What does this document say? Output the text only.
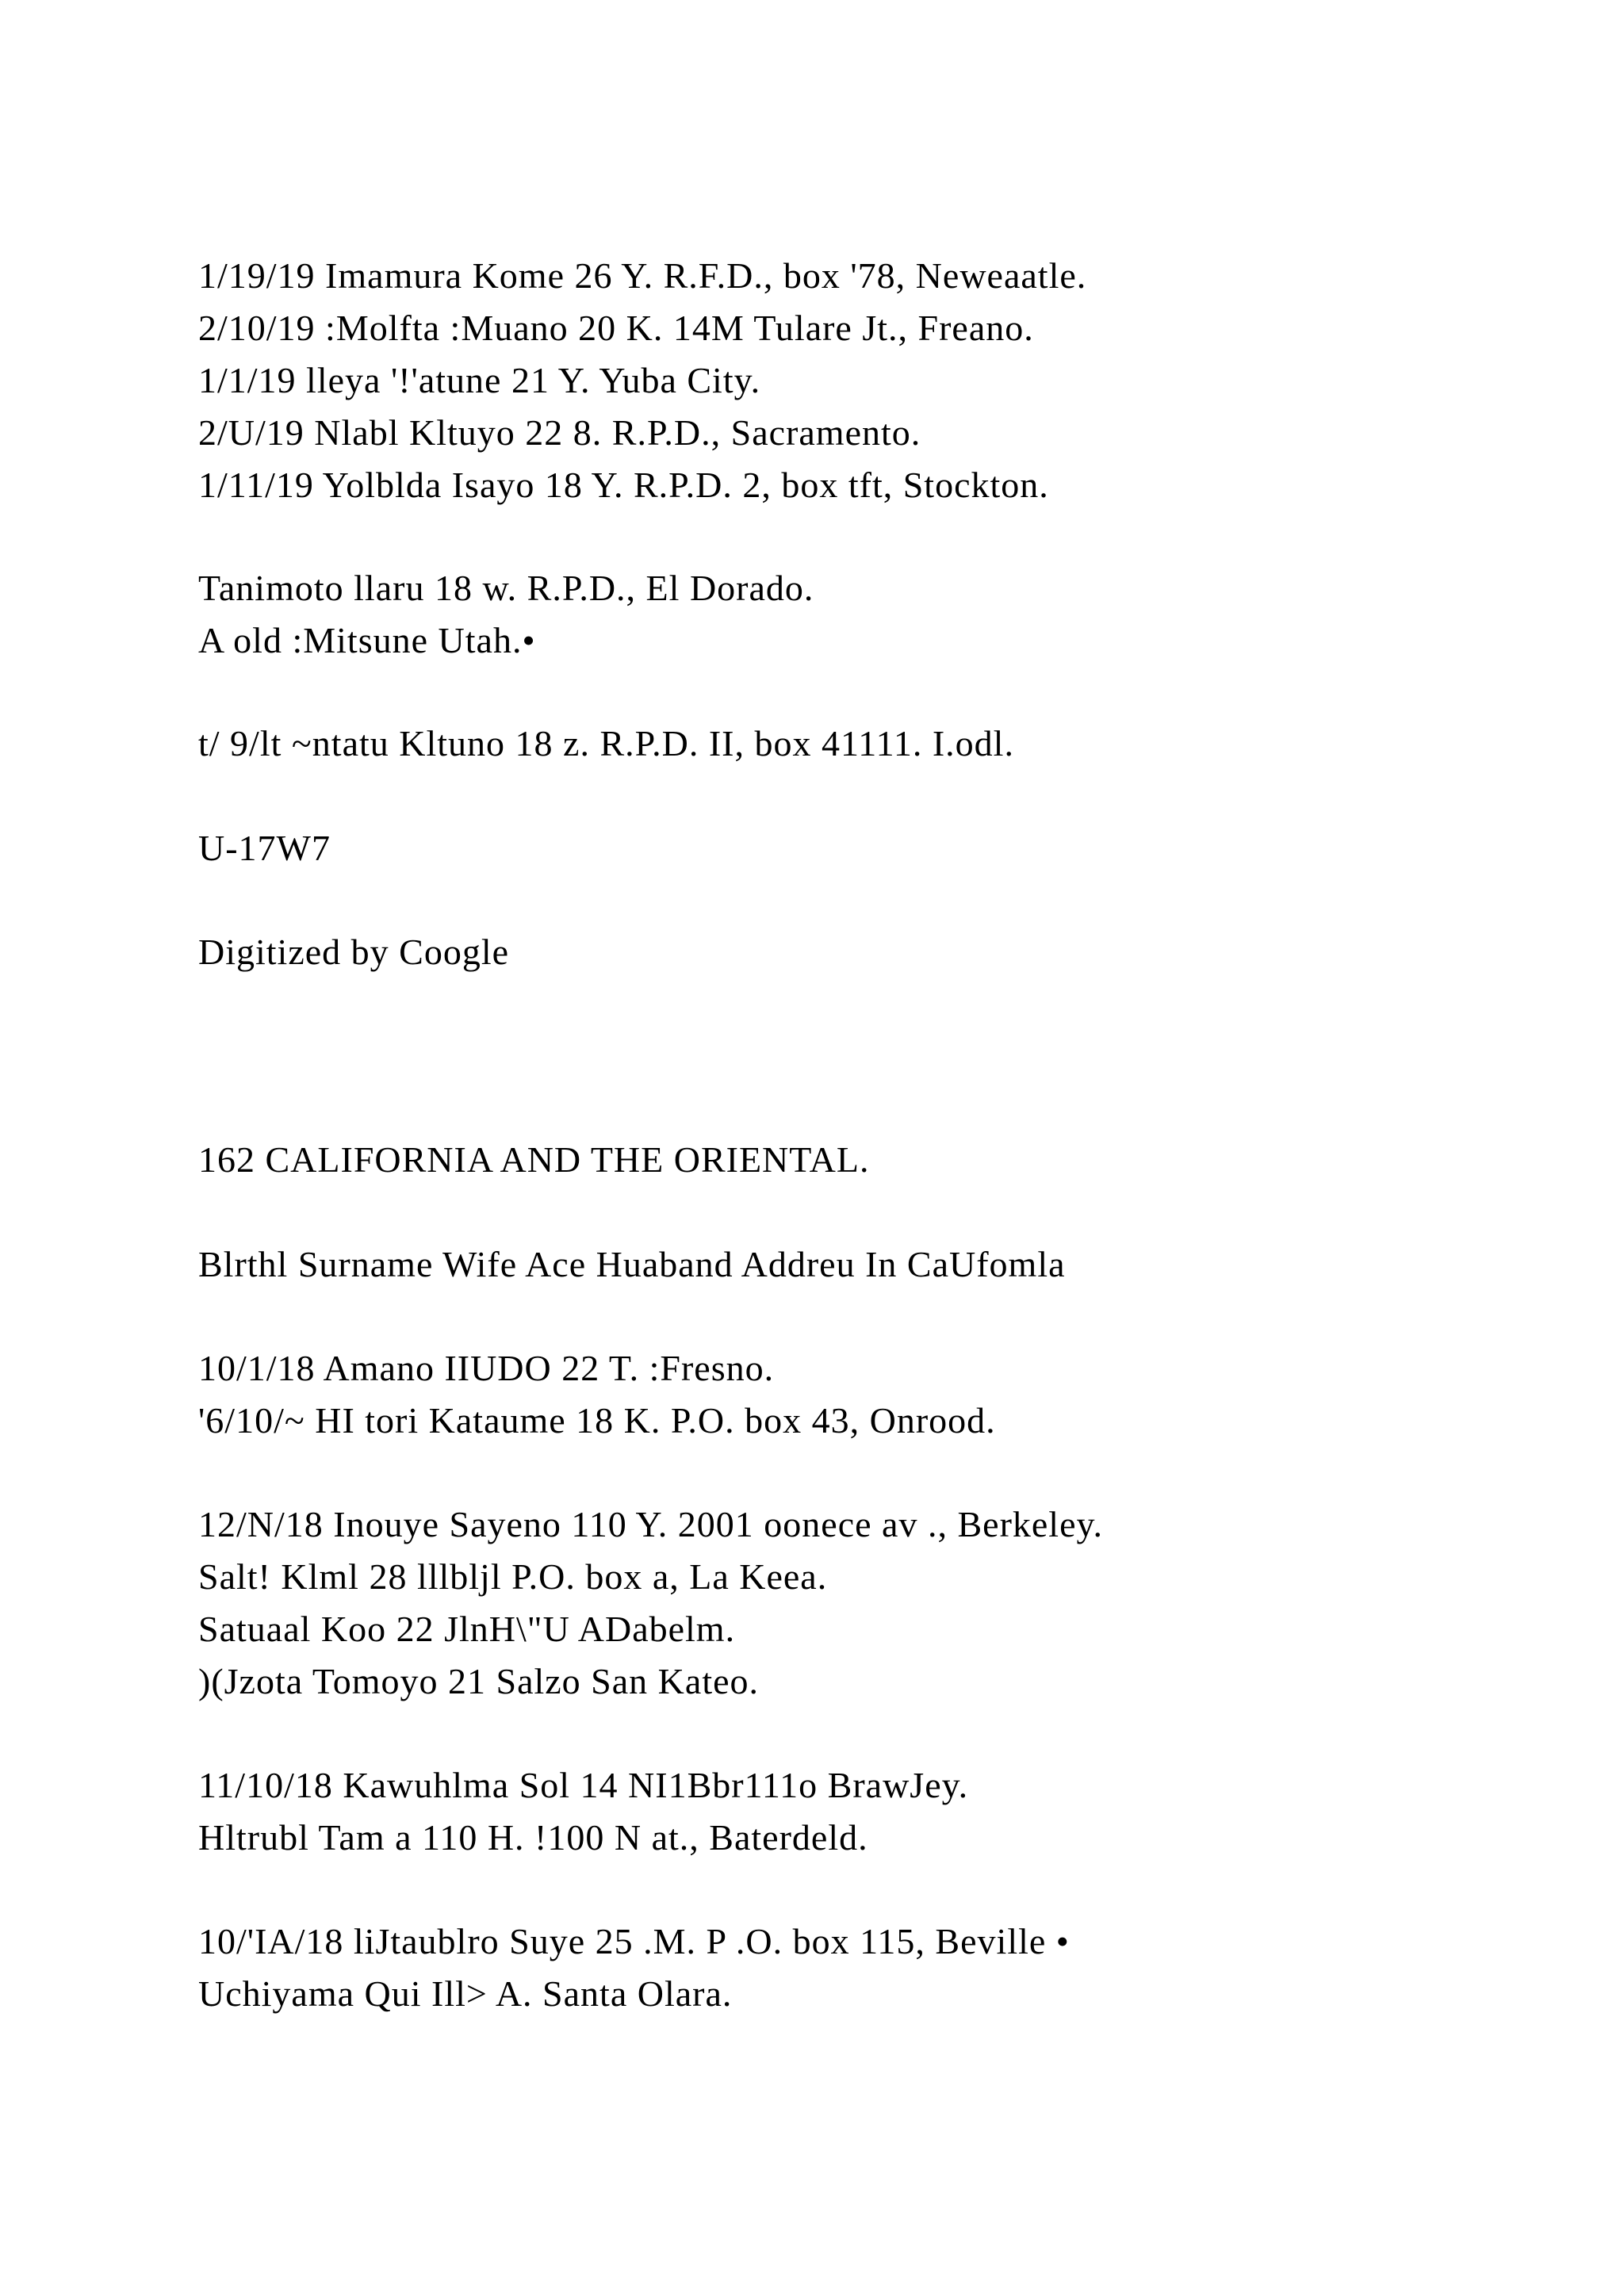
1/19/19 Imamura Kome 26 Y. R.F.D., box '78, Neweaatle.
2/10/19 :Molfta :Muano 20 K. 14M Tulare Jt., Freano.
1/1/19 lleya '!'atune 21 Y. Yuba City.
2/U/19 Nlabl Kltuyo 22 8. R.P.D., Sacramento.
1/11/19 Yolblda Isayo 18 Y. R.P.D. 2, box tft, Stockton.
Tanimoto llaru 18 w. R.P.D., El Dorado.
A old :Mitsune Utah.•
t/ 9/lt ~ntatu Kltuno 18 z. R.P.D. II, box 41111. I.odl.
U-17W7
Digitized by Coogle
162 CALIFORNIA AND THE ORIENTAL.
Blrthl Surname Wife Ace Huaband Addreu In CaUfomla
10/1/18 Amano IIUDO 22 T. :Fresno.
'6/10/~ HI tori Kataume 18 K. P.O. box 43, Onrood.
12/N/18 Inouye Sayeno 110 Y. 2001 oonece av ., Berkeley.
Salt! Klml 28 lllbljl P.O. box a, La Keea.
Satuaal Koo 22 JlnH\"U ADabelm.
)(Jzota Tomoyo 21 Salzo San Kateo.
11/10/18 Kawuhlma Sol 14 NI1Bbr111o BrawJey.
Hltrubl Tam a 110 H. !100 N at., Baterdeld.
10/'IA/18 liJtaublro Suye 25 .M. P .O. box 115, Beville •
Uchiyama Qui Ill> A. Santa Olara.
